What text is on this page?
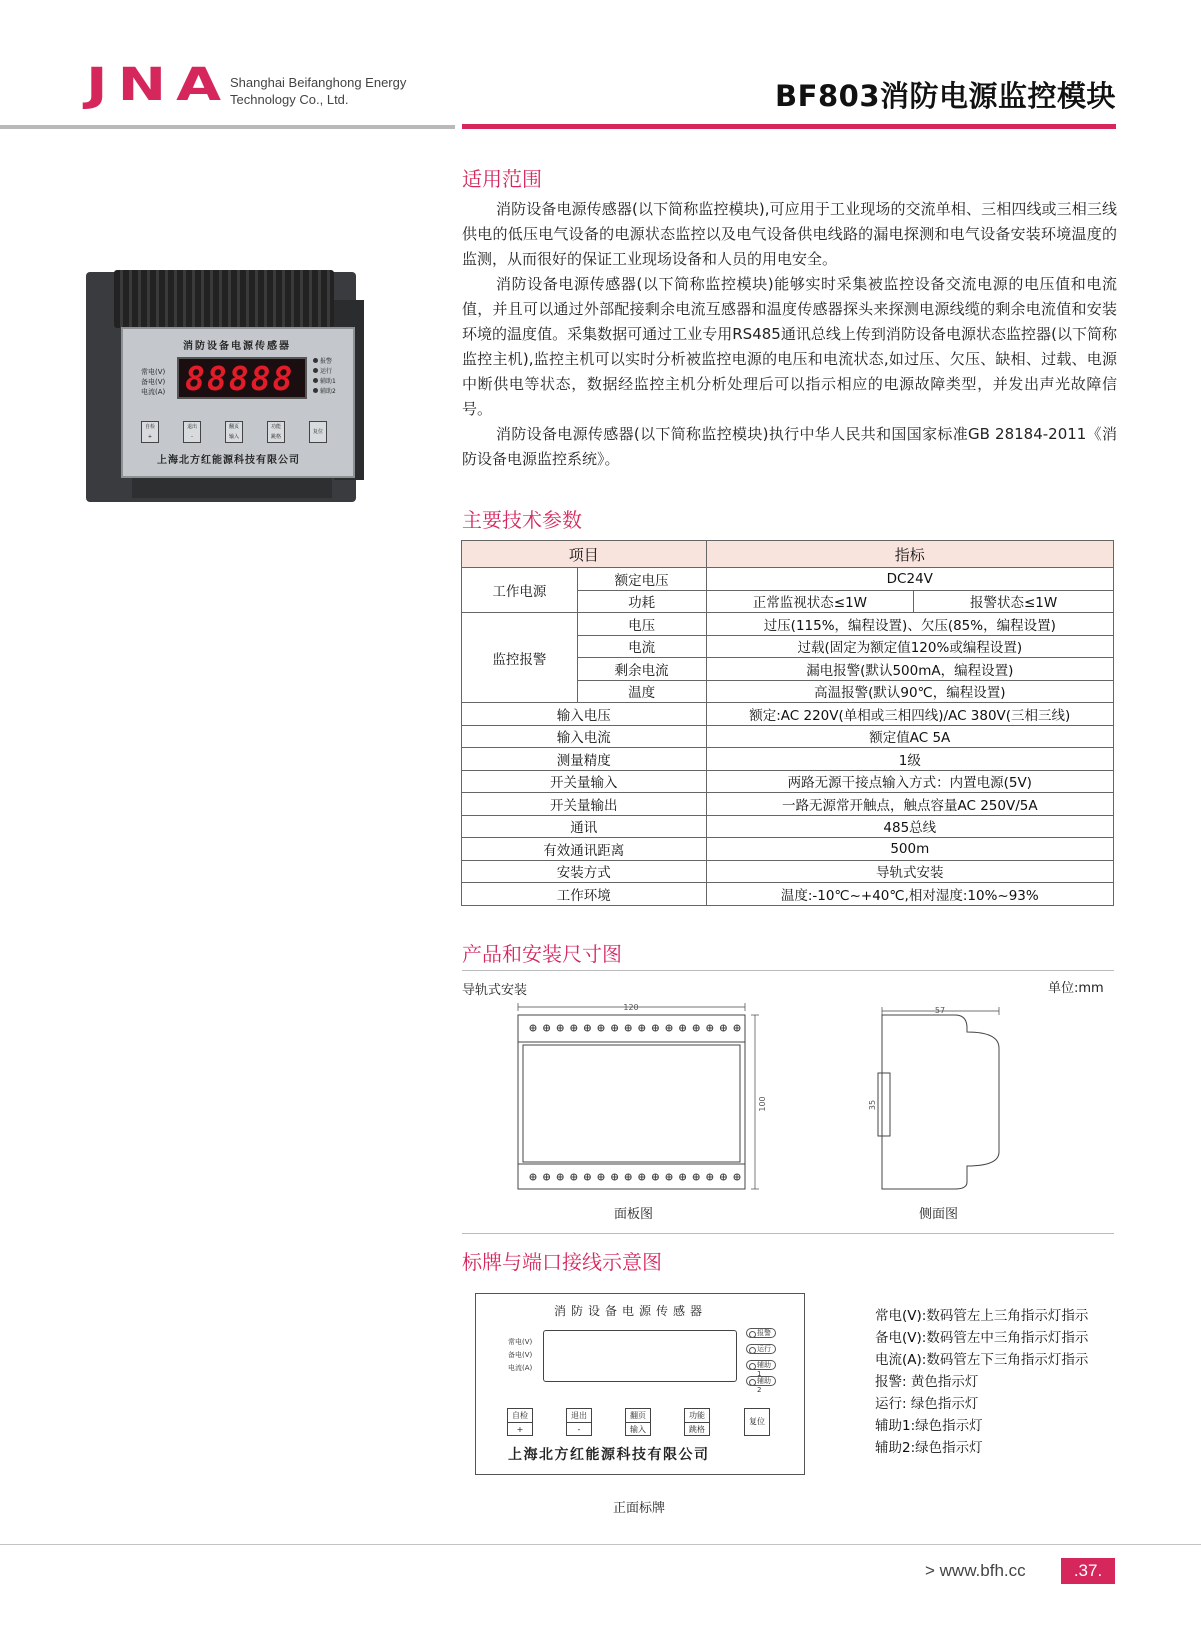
JNA
Shanghai Beifanghong Energy
Technology Co., Ltd.	BF803消防电源监控模块
适用范围

消防设备电源传感器(以下简称监控模块),可应用于工业现场的交流单相、三相四线或三相三线供电的低压电气设备的电源状态监控以及电气设备供电线路的漏电探测和电气设备安装环境温度的监测，从而很好的保证工业现场设备和人员的用电安全。

消防设备电源传感器(以下简称监控模块)能够实时采集被监控设备交流电源的电压值和电流值，并且可以通过外部配接剩余电流互感器和温度传感器探头来探测电源线缆的剩余电流值和安装环境的温度值。采集数据可通过工业专用RS485通讯总线上传到消防设备电源状态监控器(以下简称监控主机),监控主机可以实时分析被监控电源的电压和电流状态,如过压、欠压、缺相、过载、电源中断供电等状态，数据经监控主机分析处理后可以指示相应的电源故障类型，并发出声光故障信号。

消防设备电源传感器(以下简称监控模块)执行中华人民共和国国家标准GB 28184-2011《消防设备电源监控系统》。

消防设备电源传感器
常电(V)
备电(V)
电流(A) 88888	报警
运行
辅助1
辅助2
自检
+
退出
-
翻页
输入
功能
跳格
复位
上海北方红能源科技有限公司
主要技术参数
项目		指标	
工作电源	额定电压	DC24V	
	功耗	正常监视状态≤1W	报警状态≤1W
监控报警	电压	过压(115%，编程设置)、欠压(85%，编程设置)	
	电流	过载(固定为额定值120%或编程设置)	
	剩余电流	漏电报警(默认500mA，编程设置)	
	温度	高温报警(默认90℃，编程设置)	
输入电压		额定:AC 220V(单相或三相四线)/AC 380V(三相三线)	
输入电流		额定值AC 5A	
测量精度		1级	
开关量输入		两路无源干接点输入方式：内置电源(5V)	
开关量输出		一路无源常开触点，触点容量AC 250V/5A	
通讯		485总线	
有效通讯距离		500m	
安装方式		导轨式安装	
工作环境		温度:-10℃~+40℃,相对湿度:10%~93%	
产品和安装尺寸图
导轨式安装	单位:mm
120
100
57
35
面板图	侧面图
标牌与端口接线示意图
消防设备电源传感器
常电(V)
备电(V)
电流(A)
报警
运行
辅助1
辅助2
自检
+
退出
-
翻页
输入
功能
跳格
复位
上海北方红能源科技有限公司
正面标牌
常电(V):数码管左上三角指示灯指示
备电(V):数码管左中三角指示灯指示
电流(A):数码管左下三角指示灯指示
报警: 黄色指示灯
运行: 绿色指示灯
辅助1:绿色指示灯
辅助2:绿色指示灯
> www.bfh.cc	.37.
